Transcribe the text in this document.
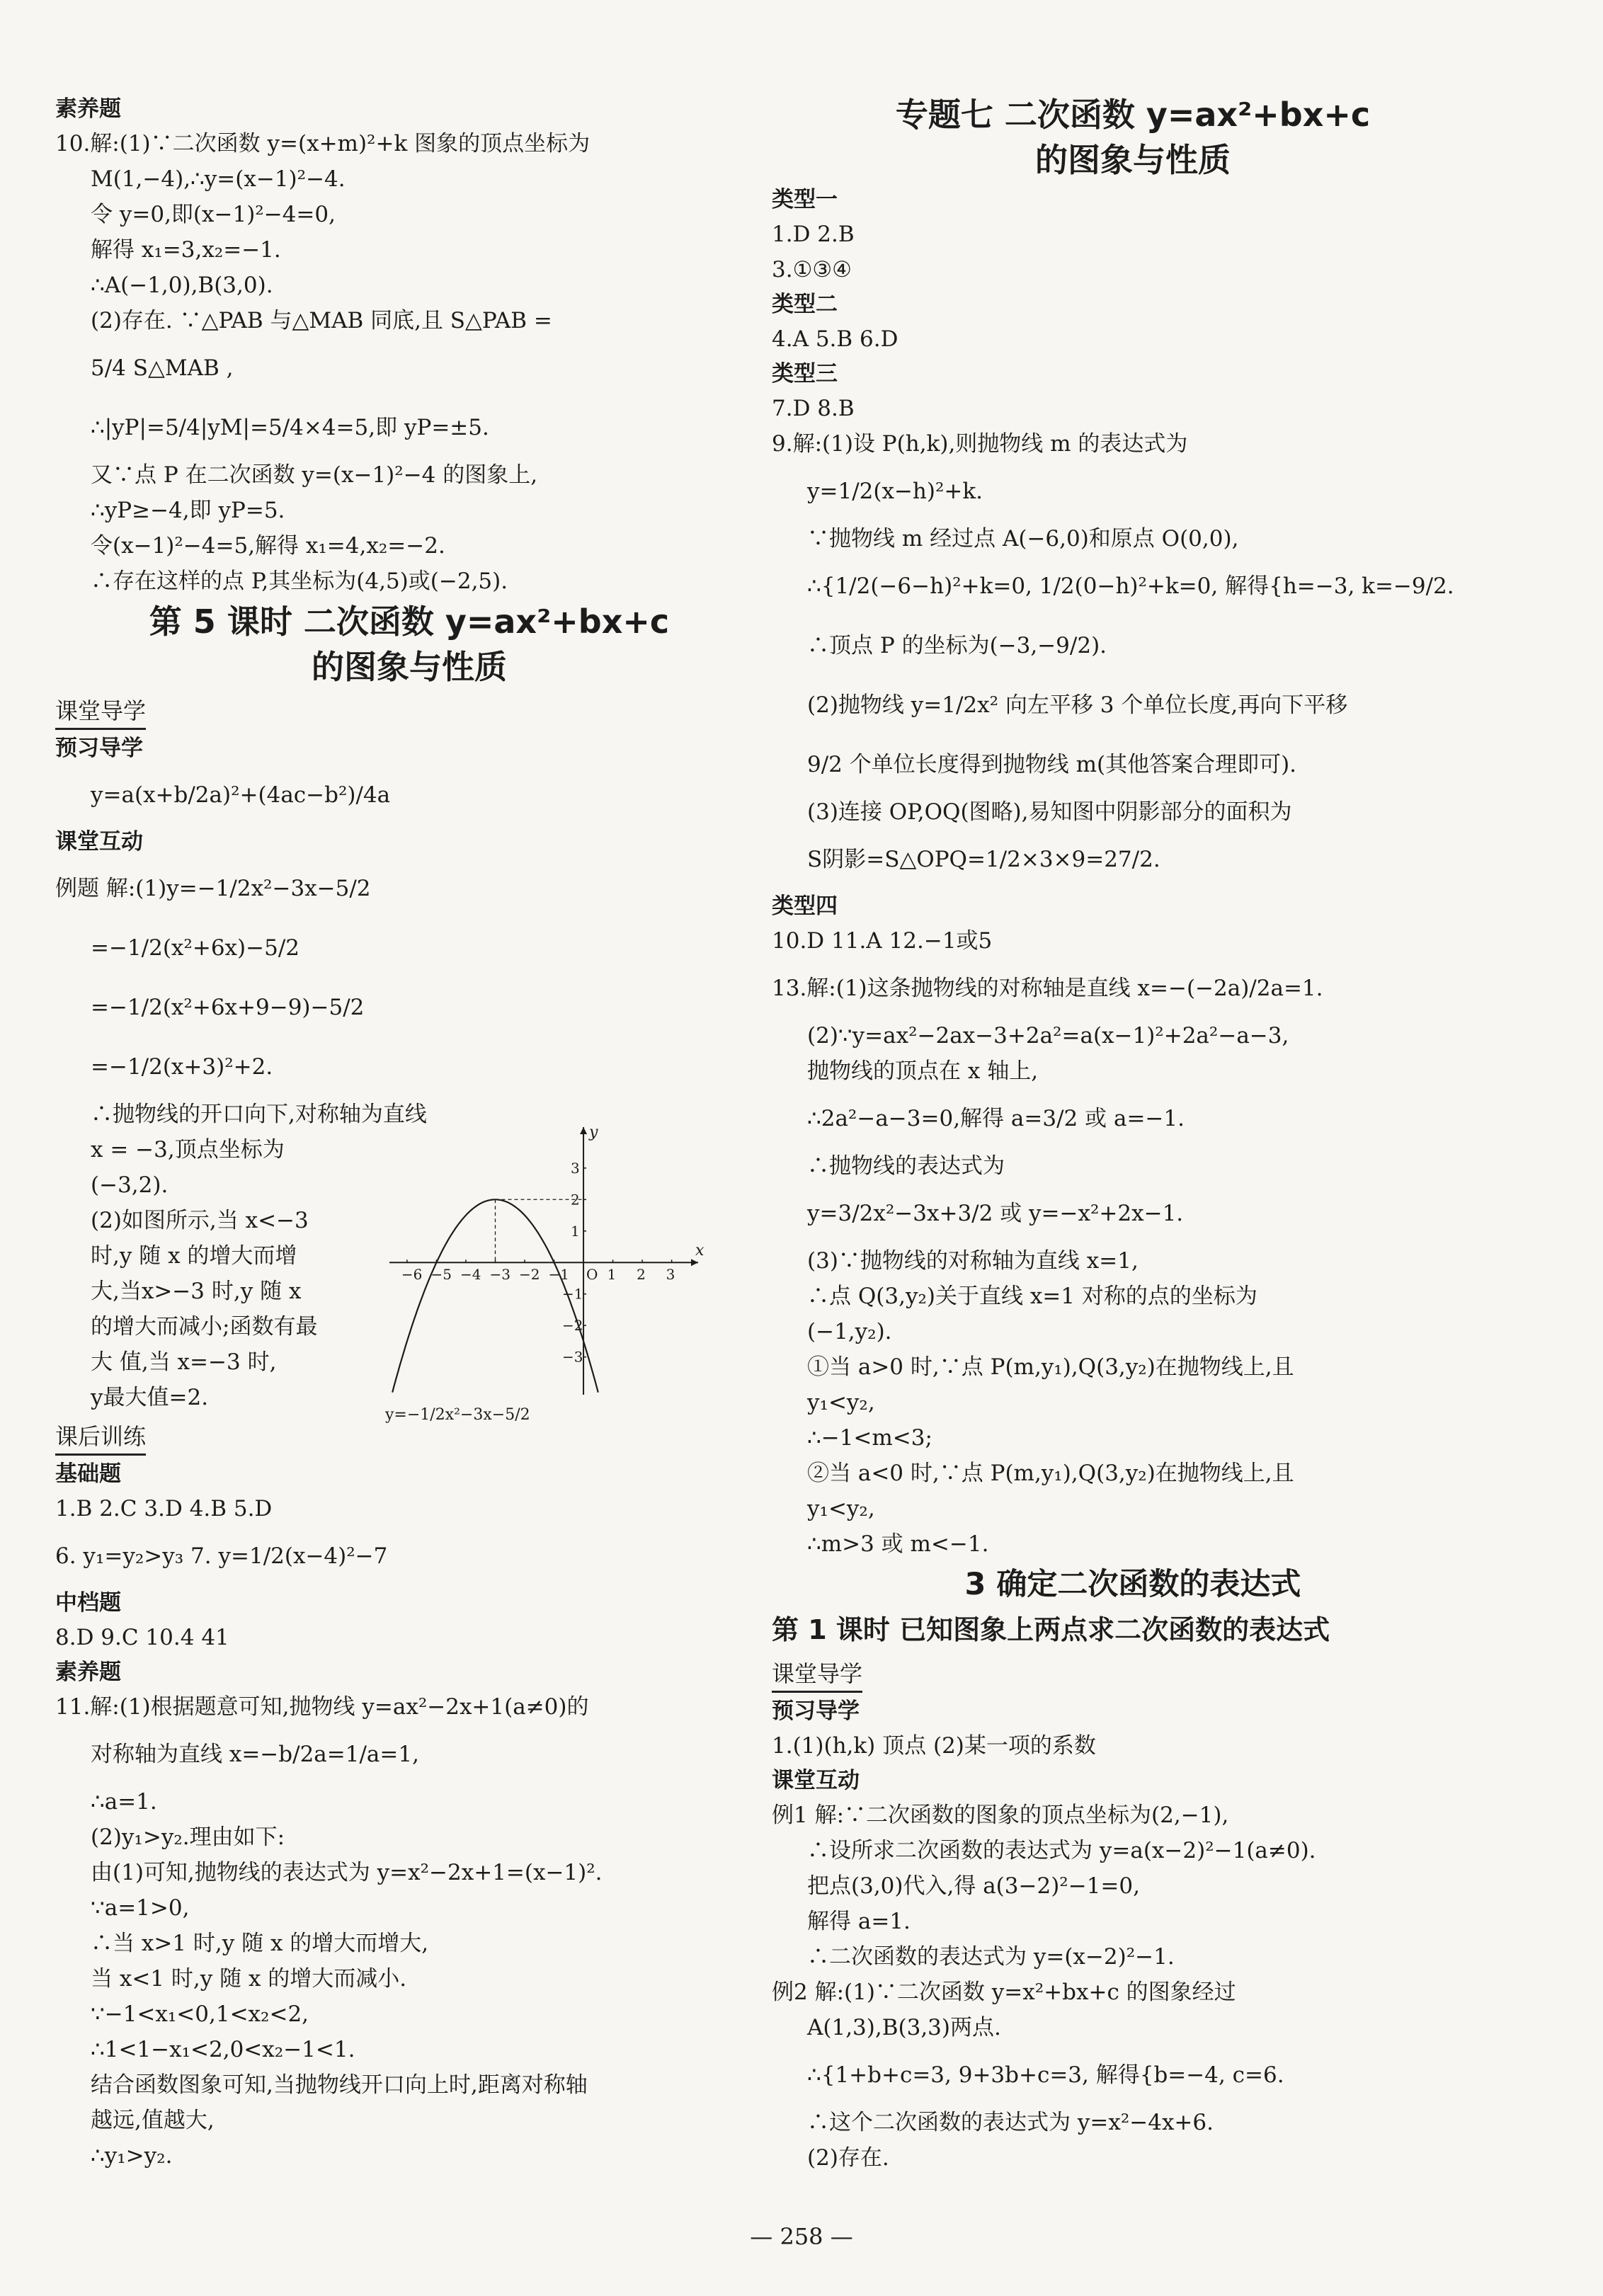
素养题
10.解:(1)∵二次函数 y=(x+m)²+k 图象的顶点坐标为
M(1,−4),∴y=(x−1)²−4.
令 y=0,即(x−1)²−4=0,
解得 x₁=3,x₂=−1.
∴A(−1,0),B(3,0).
(2)存在. ∵△PAB 与△MAB 同底,且 S△PAB =
5/4 S△MAB ,
∴|yP|=5/4|yM|=5/4×4=5,即 yP=±5.
又∵点 P 在二次函数 y=(x−1)²−4 的图象上,
∴yP≥−4,即 yP=5.
令(x−1)²−4=5,解得 x₁=4,x₂=−2.
∴存在这样的点 P,其坐标为(4,5)或(−2,5).
第 5 课时 二次函数 y=ax²+bx+c
的图象与性质
课堂导学
预习导学
y=a(x+b/2a)²+(4ac−b²)/4a
课堂互动
例题 解:(1)y=−1/2x²−3x−5/2
=−1/2(x²+6x)−5/2
=−1/2(x²+6x+9−9)−5/2
=−1/2(x+3)²+2.
∴抛物线的开口向下,对称轴为直线
x = −3,顶点坐标为
(−3,2).
(2)如图所示,当 x<−3
时,y 随 x 的增大而增
大,当x>−3 时,y 随 x
的增大而减小;函数有最
大 值,当 x=−3 时,
y最大值=2.
课后训练
基础题
1.B 2.C 3.D 4.B 5.D
6. y₁=y₂>y₃ 7. y=1/2(x−4)²−7
中档题
8.D 9.C 10.4 41
素养题
11.解:(1)根据题意可知,抛物线 y=ax²−2x+1(a≠0)的
对称轴为直线 x=−b/2a=1/a=1,
∴a=1.
(2)y₁>y₂.理由如下:
由(1)可知,抛物线的表达式为 y=x²−2x+1=(x−1)².
∵a=1>0,
∴当 x>1 时,y 随 x 的增大而增大,
当 x<1 时,y 随 x 的增大而减小.
∵−1<x₁<0,1<x₂<2,
∴1<1−x₁<2,0<x₂−1<1.
结合函数图象可知,当抛物线开口向上时,距离对称轴
越远,值越大,
∴y₁>y₂.
y=−1/2x²−3x−5/2
x
y
−6 −5 −4 −3 −2 −1 O 1 2 3
3
2
1
−1
−2
−3
专题七 二次函数 y=ax²+bx+c
的图象与性质
类型一
1.D 2.B
3.①③④
类型二
4.A 5.B 6.D
类型三
7.D 8.B
9.解:(1)设 P(h,k),则抛物线 m 的表达式为
y=1/2(x−h)²+k.
∵抛物线 m 经过点 A(−6,0)和原点 O(0,0),
∴{1/2(−6−h)²+k=0, 1/2(0−h)²+k=0, 解得{h=−3, k=−9/2.
∴顶点 P 的坐标为(−3,−9/2).
(2)抛物线 y=1/2x² 向左平移 3 个单位长度,再向下平移
9/2 个单位长度得到抛物线 m(其他答案合理即可).
(3)连接 OP,OQ(图略),易知图中阴影部分的面积为
S阴影=S△OPQ=1/2×3×9=27/2.
类型四
10.D 11.A 12.−1或5
13.解:(1)这条抛物线的对称轴是直线 x=−(−2a)/2a=1.
(2)∵y=ax²−2ax−3+2a²=a(x−1)²+2a²−a−3,
抛物线的顶点在 x 轴上,
∴2a²−a−3=0,解得 a=3/2 或 a=−1.
∴抛物线的表达式为
y=3/2x²−3x+3/2 或 y=−x²+2x−1.
(3)∵抛物线的对称轴为直线 x=1,
∴点 Q(3,y₂)关于直线 x=1 对称的点的坐标为
(−1,y₂).
①当 a>0 时,∵点 P(m,y₁),Q(3,y₂)在抛物线上,且
y₁<y₂,
∴−1<m<3;
②当 a<0 时,∵点 P(m,y₁),Q(3,y₂)在抛物线上,且
y₁<y₂,
∴m>3 或 m<−1.
3 确定二次函数的表达式
第 1 课时 已知图象上两点求二次函数的表达式
课堂导学
预习导学
1.(1)(h,k) 顶点 (2)某一项的系数
课堂互动
例1 解:∵二次函数的图象的顶点坐标为(2,−1),
∴设所求二次函数的表达式为 y=a(x−2)²−1(a≠0).
把点(3,0)代入,得 a(3−2)²−1=0,
解得 a=1.
∴二次函数的表达式为 y=(x−2)²−1.
例2 解:(1)∵二次函数 y=x²+bx+c 的图象经过
A(1,3),B(3,3)两点.
∴{1+b+c=3, 9+3b+c=3, 解得{b=−4, c=6.
∴这个二次函数的表达式为 y=x²−4x+6.
(2)存在.
— 258 —
